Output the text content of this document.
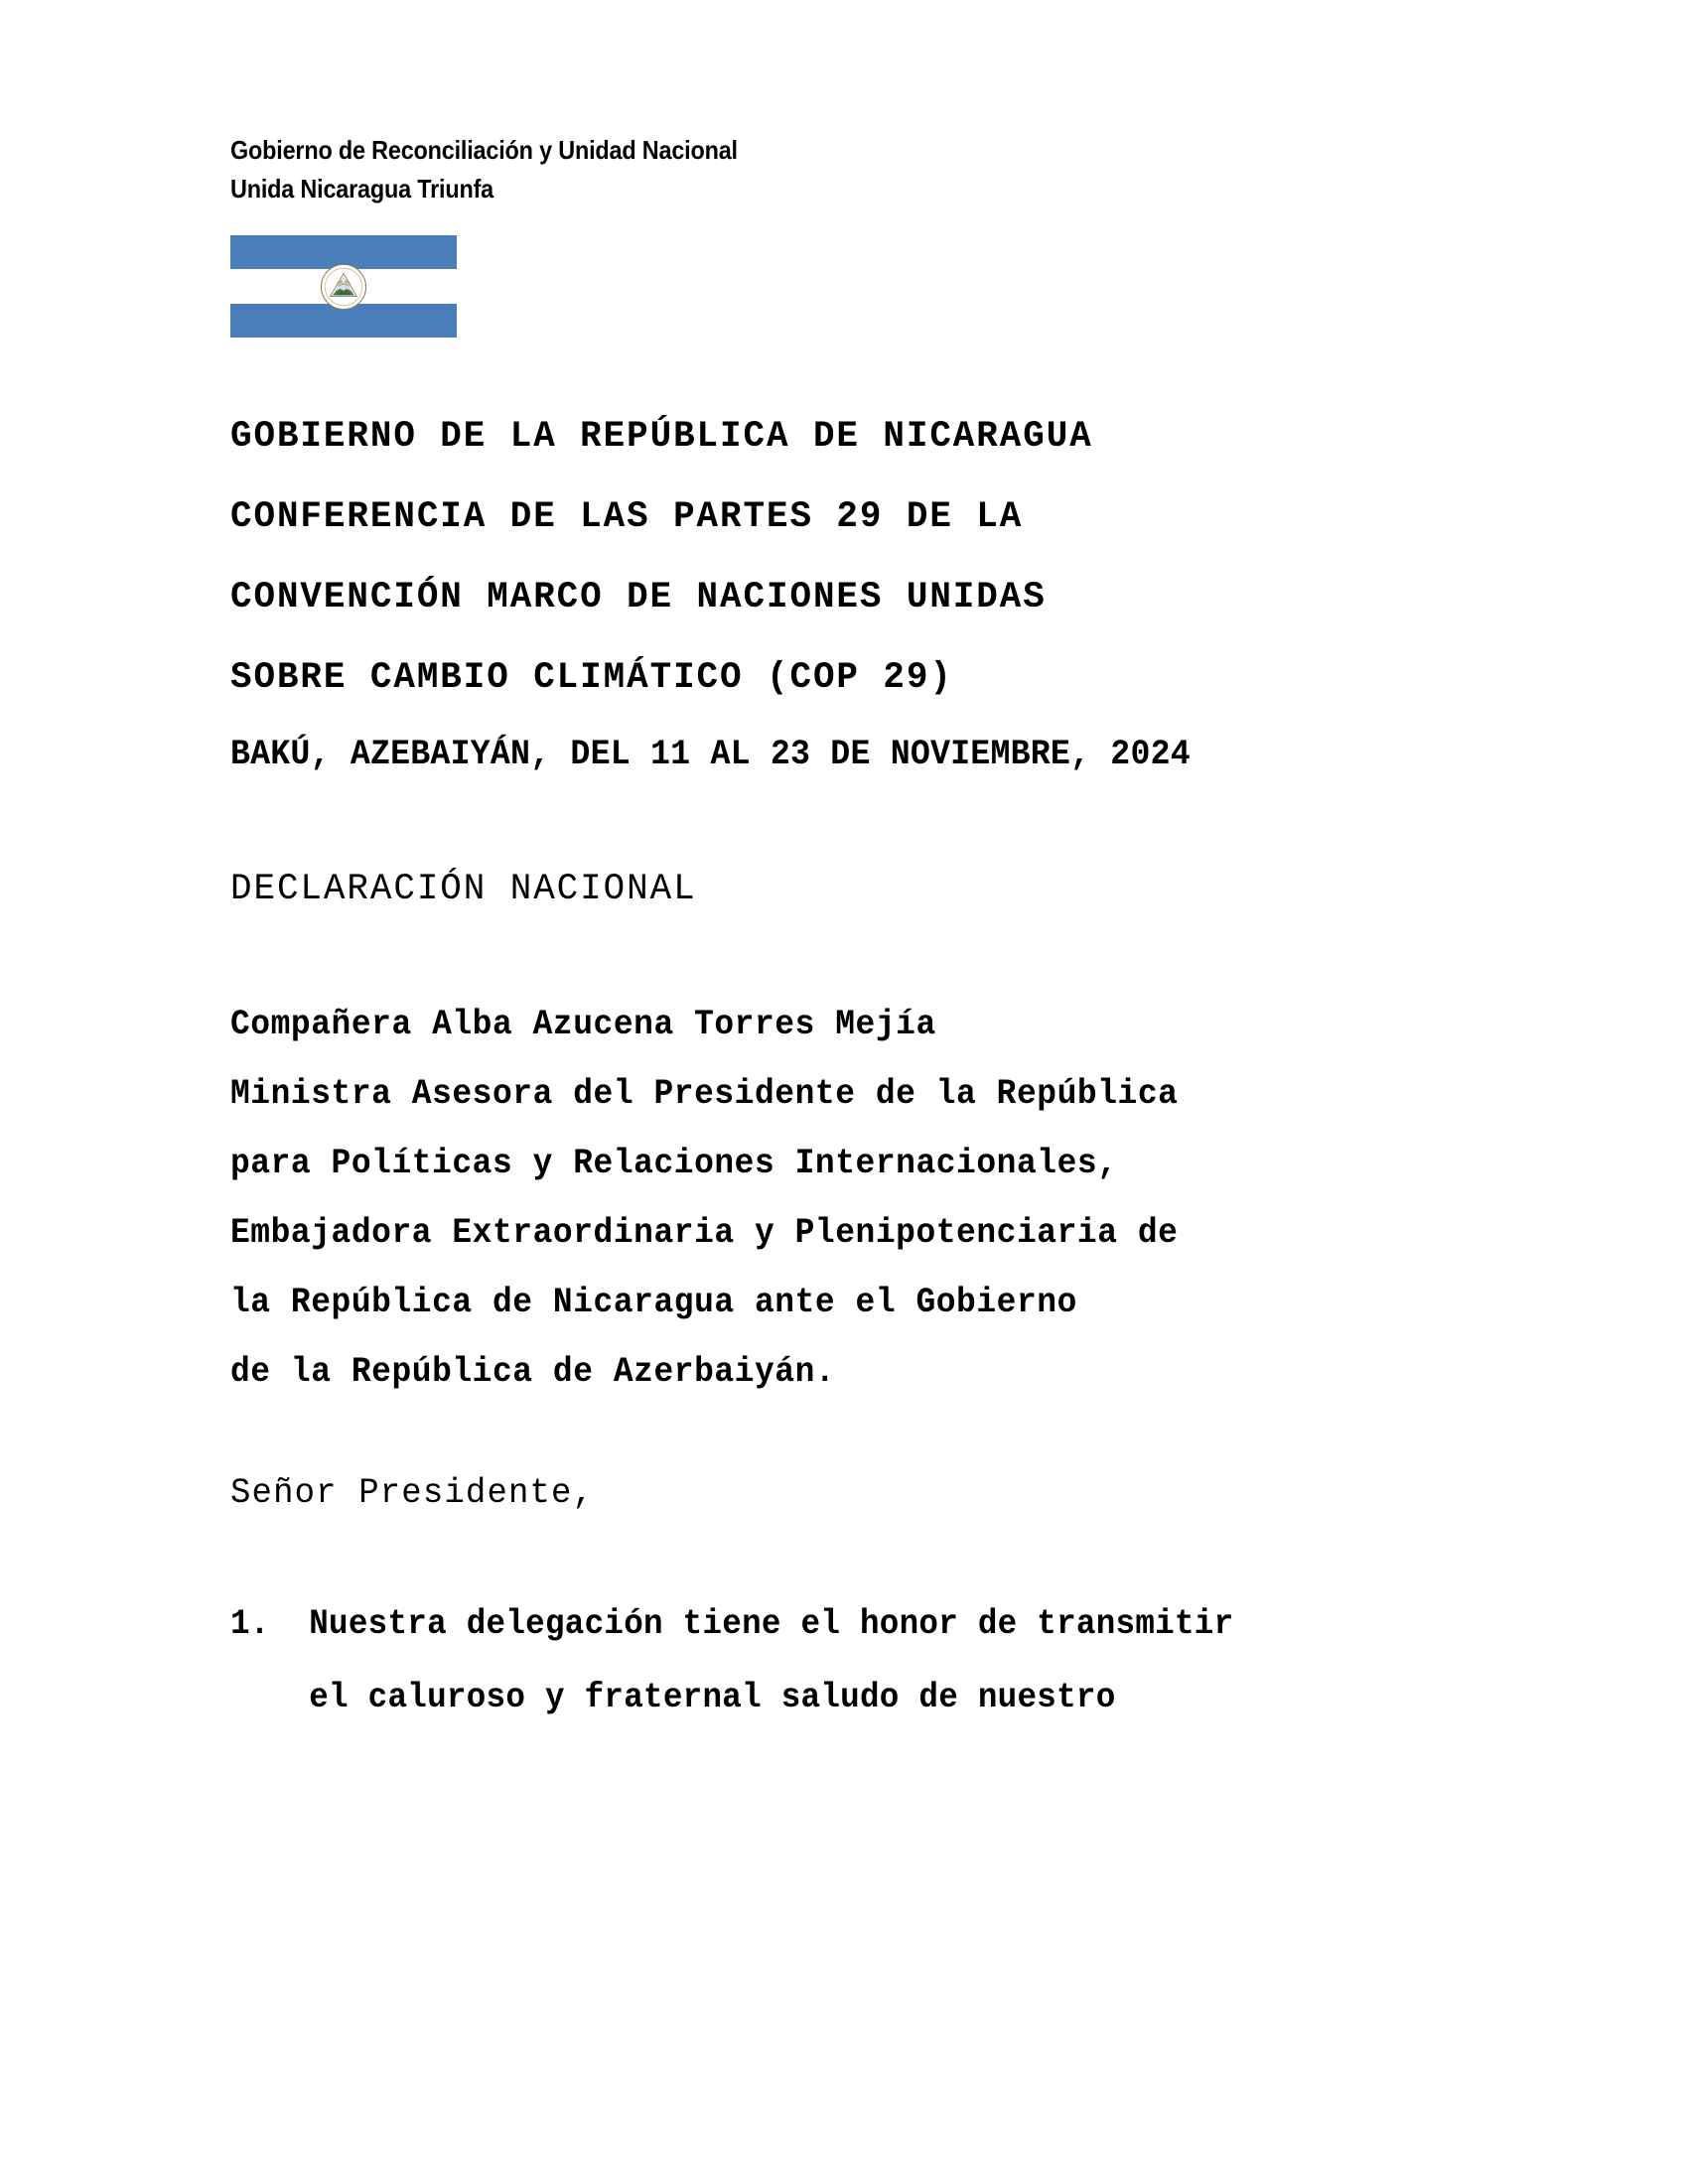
Gobierno de Reconciliación y Unidad Nacional
Unida Nicaragua Triunfa
GOBIERNO DE LA REPÚBLICA DE NICARAGUA
CONFERENCIA DE LAS PARTES 29 DE LA
CONVENCIÓN MARCO DE NACIONES UNIDAS
SOBRE CAMBIO CLIMÁTICO (COP 29)
BAKÚ, AZEBAIYÁN, DEL 11 AL 23 DE NOVIEMBRE, 2024
DECLARACIÓN NACIONAL
Compañera Alba Azucena Torres Mejía
Ministra Asesora del Presidente de la República
para Políticas y Relaciones Internacionales,
Embajadora Extraordinaria y Plenipotenciaria de
la República de Nicaragua ante el Gobierno
de la República de Azerbaiyán.
Señor Presidente,
1.  Nuestra delegación tiene el honor de transmitir
el caluroso y fraternal saludo de nuestro
